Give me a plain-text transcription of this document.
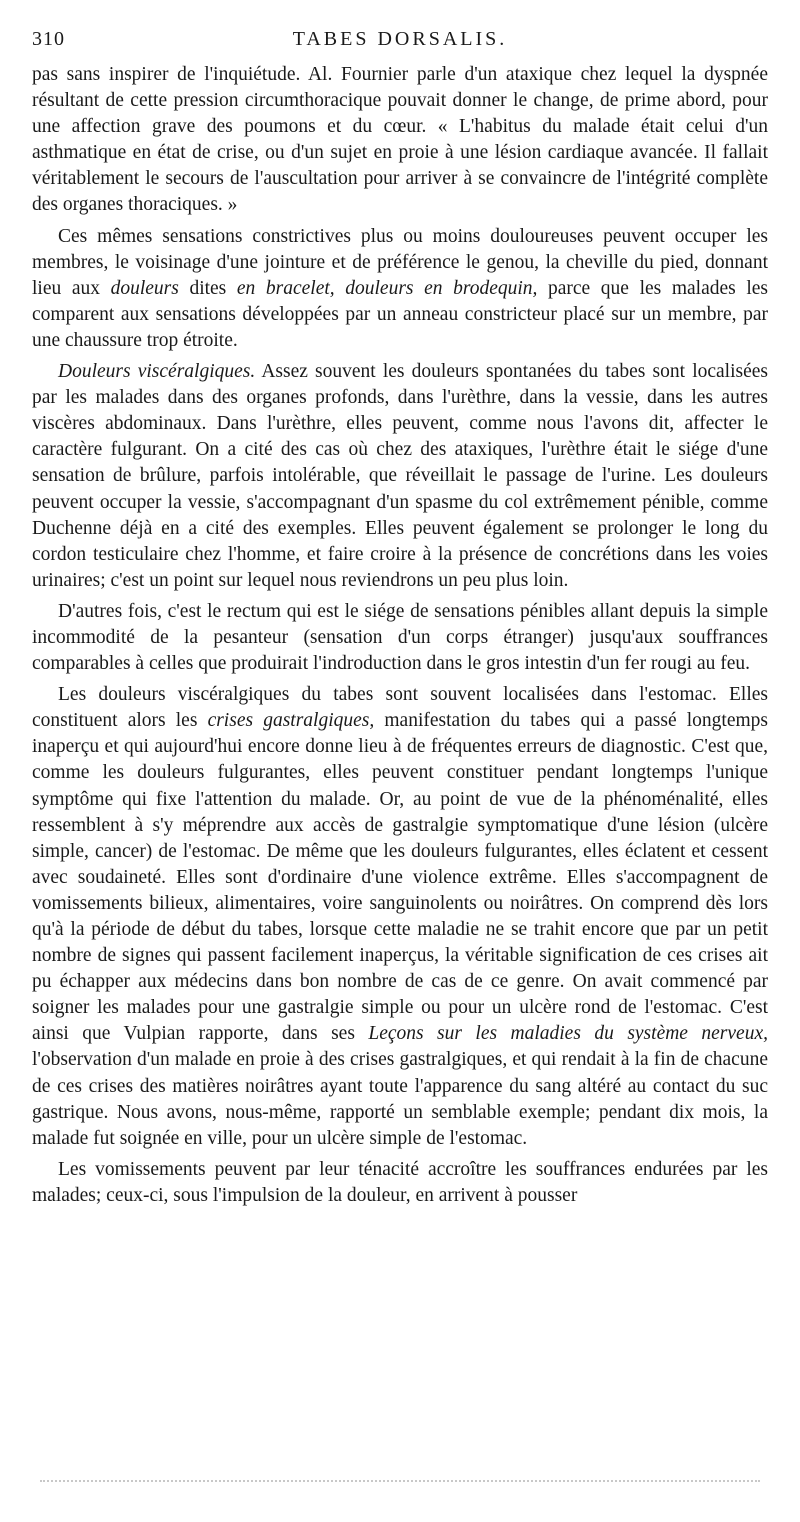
310	TABES DORSALIS.

pas sans inspirer de l'inquiétude. Al. Fournier parle d'un ataxique chez lequel la dyspnée résultant de cette pression circumthoracique pouvait donner le change, de prime abord, pour une affection grave des poumons et du cœur. « L'habitus du malade était celui d'un asthmatique en état de crise, ou d'un sujet en proie à une lésion cardiaque avancée. Il fallait véritablement le secours de l'auscultation pour arriver à se convaincre de l'intégrité complète des organes thoraciques. »

Ces mêmes sensations constrictives plus ou moins douloureuses peuvent occuper les membres, le voisinage d'une jointure et de préférence le genou, la cheville du pied, donnant lieu aux douleurs dites en bracelet, douleurs en brodequin, parce que les malades les comparent aux sensations développées par un anneau constricteur placé sur un membre, par une chaussure trop étroite.

Douleurs viscéralgiques. Assez souvent les douleurs spontanées du tabes sont localisées par les malades dans des organes profonds, dans l'urèthre, dans la vessie, dans les autres viscères abdominaux. Dans l'urèthre, elles peuvent, comme nous l'avons dit, affecter le caractère fulgurant. On a cité des cas où chez des ataxiques, l'urèthre était le siége d'une sensation de brûlure, parfois intolérable, que réveillait le passage de l'urine. Les douleurs peuvent occuper la vessie, s'accompagnant d'un spasme du col extrêmement pénible, comme Duchenne déjà en a cité des exemples. Elles peuvent également se prolonger le long du cordon testiculaire chez l'homme, et faire croire à la présence de concrétions dans les voies urinaires; c'est un point sur lequel nous reviendrons un peu plus loin.

D'autres fois, c'est le rectum qui est le siége de sensations pénibles allant depuis la simple incommodité de la pesanteur (sensation d'un corps étranger) jusqu'aux souffrances comparables à celles que produirait l'indroduction dans le gros intestin d'un fer rougi au feu.

Les douleurs viscéralgiques du tabes sont souvent localisées dans l'estomac. Elles constituent alors les crises gastralgiques, manifestation du tabes qui a passé longtemps inaperçu et qui aujourd'hui encore donne lieu à de fréquentes erreurs de diagnostic. C'est que, comme les douleurs fulgurantes, elles peuvent constituer pendant longtemps l'unique symptôme qui fixe l'attention du malade. Or, au point de vue de la phénoménalité, elles ressemblent à s'y méprendre aux accès de gastralgie symptomatique d'une lésion (ulcère simple, cancer) de l'estomac. De même que les douleurs fulgurantes, elles éclatent et cessent avec soudaineté. Elles sont d'ordinaire d'une violence extrême. Elles s'accompagnent de vomissements bilieux, alimentaires, voire sanguinolents ou noirâtres. On comprend dès lors qu'à la période de début du tabes, lorsque cette maladie ne se trahit encore que par un petit nombre de signes qui passent facilement inaperçus, la véritable signification de ces crises ait pu échapper aux médecins dans bon nombre de cas de ce genre. On avait commencé par soigner les malades pour une gastralgie simple ou pour un ulcère rond de l'estomac. C'est ainsi que Vulpian rapporte, dans ses Leçons sur les maladies du système nerveux, l'observation d'un malade en proie à des crises gastralgiques, et qui rendait à la fin de chacune de ces crises des matières noirâtres ayant toute l'apparence du sang altéré au contact du suc gastrique. Nous avons, nous-même, rapporté un semblable exemple; pendant dix mois, la malade fut soignée en ville, pour un ulcère simple de l'estomac.

Les vomissements peuvent par leur ténacité accroître les souffrances endurées par les malades; ceux-ci, sous l'impulsion de la douleur, en arrivent à pousser
